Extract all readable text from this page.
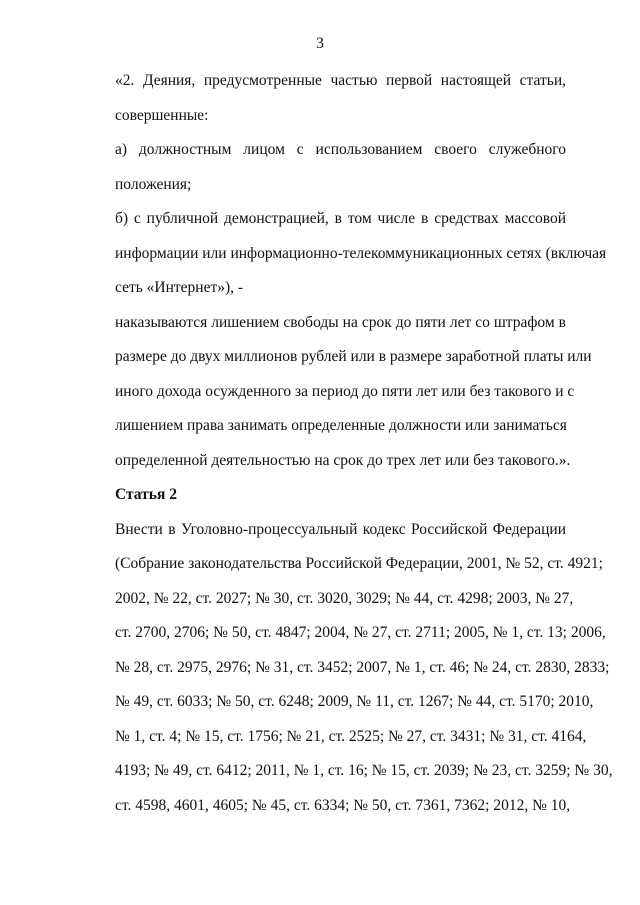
3
«2. Деяния, предусмотренные частью первой настоящей статьи,
совершенные:
а) должностным лицом с использованием своего служебного
положения;
б) с публичной демонстрацией, в том числе в средствах массовой
информации или информационно-телекоммуникационных сетях (включая
сеть «Интернет»), -
наказываются лишением свободы на срок до пяти лет со штрафом в
размере до двух миллионов рублей или в размере заработной платы или
иного дохода осужденного за период до пяти лет или без такового и с
лишением права занимать определенные должности или заниматься
определенной деятельностью на срок до трех лет или без такового.».
Статья 2
Внести в Уголовно-процессуальный кодекс Российской Федерации
(Собрание законодательства Российской Федерации, 2001, № 52, ст. 4921;
2002, № 22, ст. 2027; № 30, ст. 3020, 3029; № 44, ст. 4298; 2003, № 27,
ст. 2700, 2706; № 50, ст. 4847; 2004, № 27, ст. 2711; 2005, № 1, ст. 13; 2006,
№ 28, ст. 2975, 2976; № 31, ст. 3452; 2007, № 1, ст. 46; № 24, ст. 2830, 2833;
№ 49, ст. 6033; № 50, ст. 6248; 2009, № 11, ст. 1267; № 44, ст. 5170; 2010,
№ 1, ст. 4; № 15, ст. 1756; № 21, ст. 2525; № 27, ст. 3431; № 31, ст. 4164,
4193; № 49, ст. 6412; 2011, № 1, ст. 16; № 15, ст. 2039; № 23, ст. 3259; № 30,
ст. 4598, 4601, 4605; № 45, ст. 6334; № 50, ст. 7361, 7362; 2012, № 10,
